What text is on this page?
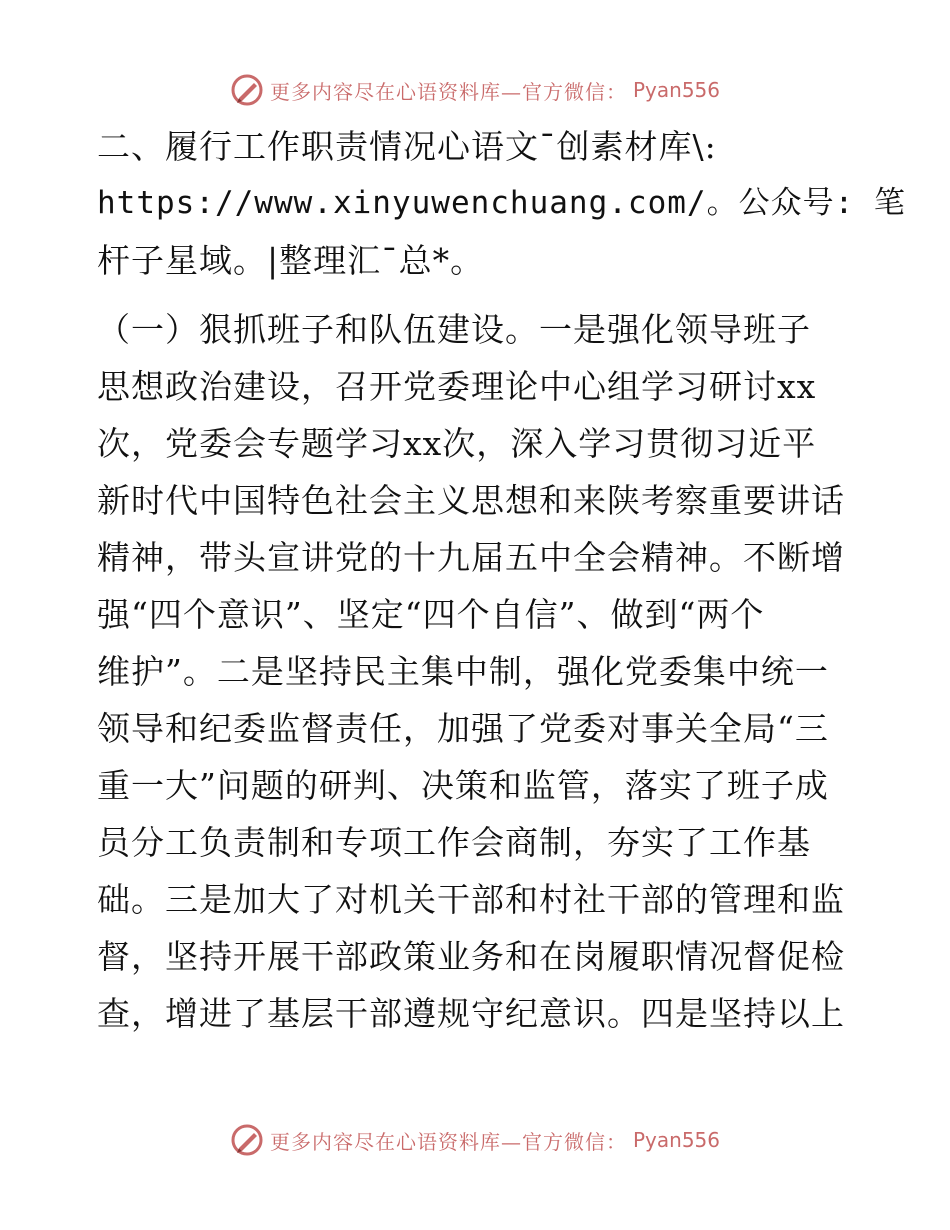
更多内容尽在心语资料库—官方微信： Pyan556
二、履行工作职责情况心语文¯创素材库\:
https://www.xinyuwenchuang.com/。公众号: 笔
杆子星域。|整理汇¯总*。
（一）狠抓班子和队伍建设。一是强化领导班子
思想政治建设，召开党委理论中心组学习研讨xx
次，党委会专题学习xx次，深入学习贯彻习近平
新时代中国特色社会主义思想和来陕考察重要讲话
精神，带头宣讲党的十九届五中全会精神。不断增
强“四个意识”、坚定“四个自信”、做到“两个
维护”。二是坚持民主集中制，强化党委集中统一
领导和纪委监督责任，加强了党委对事关全局“三
重一大”问题的研判、决策和监管，落实了班子成
员分工负责制和专项工作会商制，夯实了工作基
础。三是加大了对机关干部和村社干部的管理和监
督，坚持开展干部政策业务和在岗履职情况督促检
查，增进了基层干部遵规守纪意识。四是坚持以上
更多内容尽在心语资料库—官方微信： Pyan556
